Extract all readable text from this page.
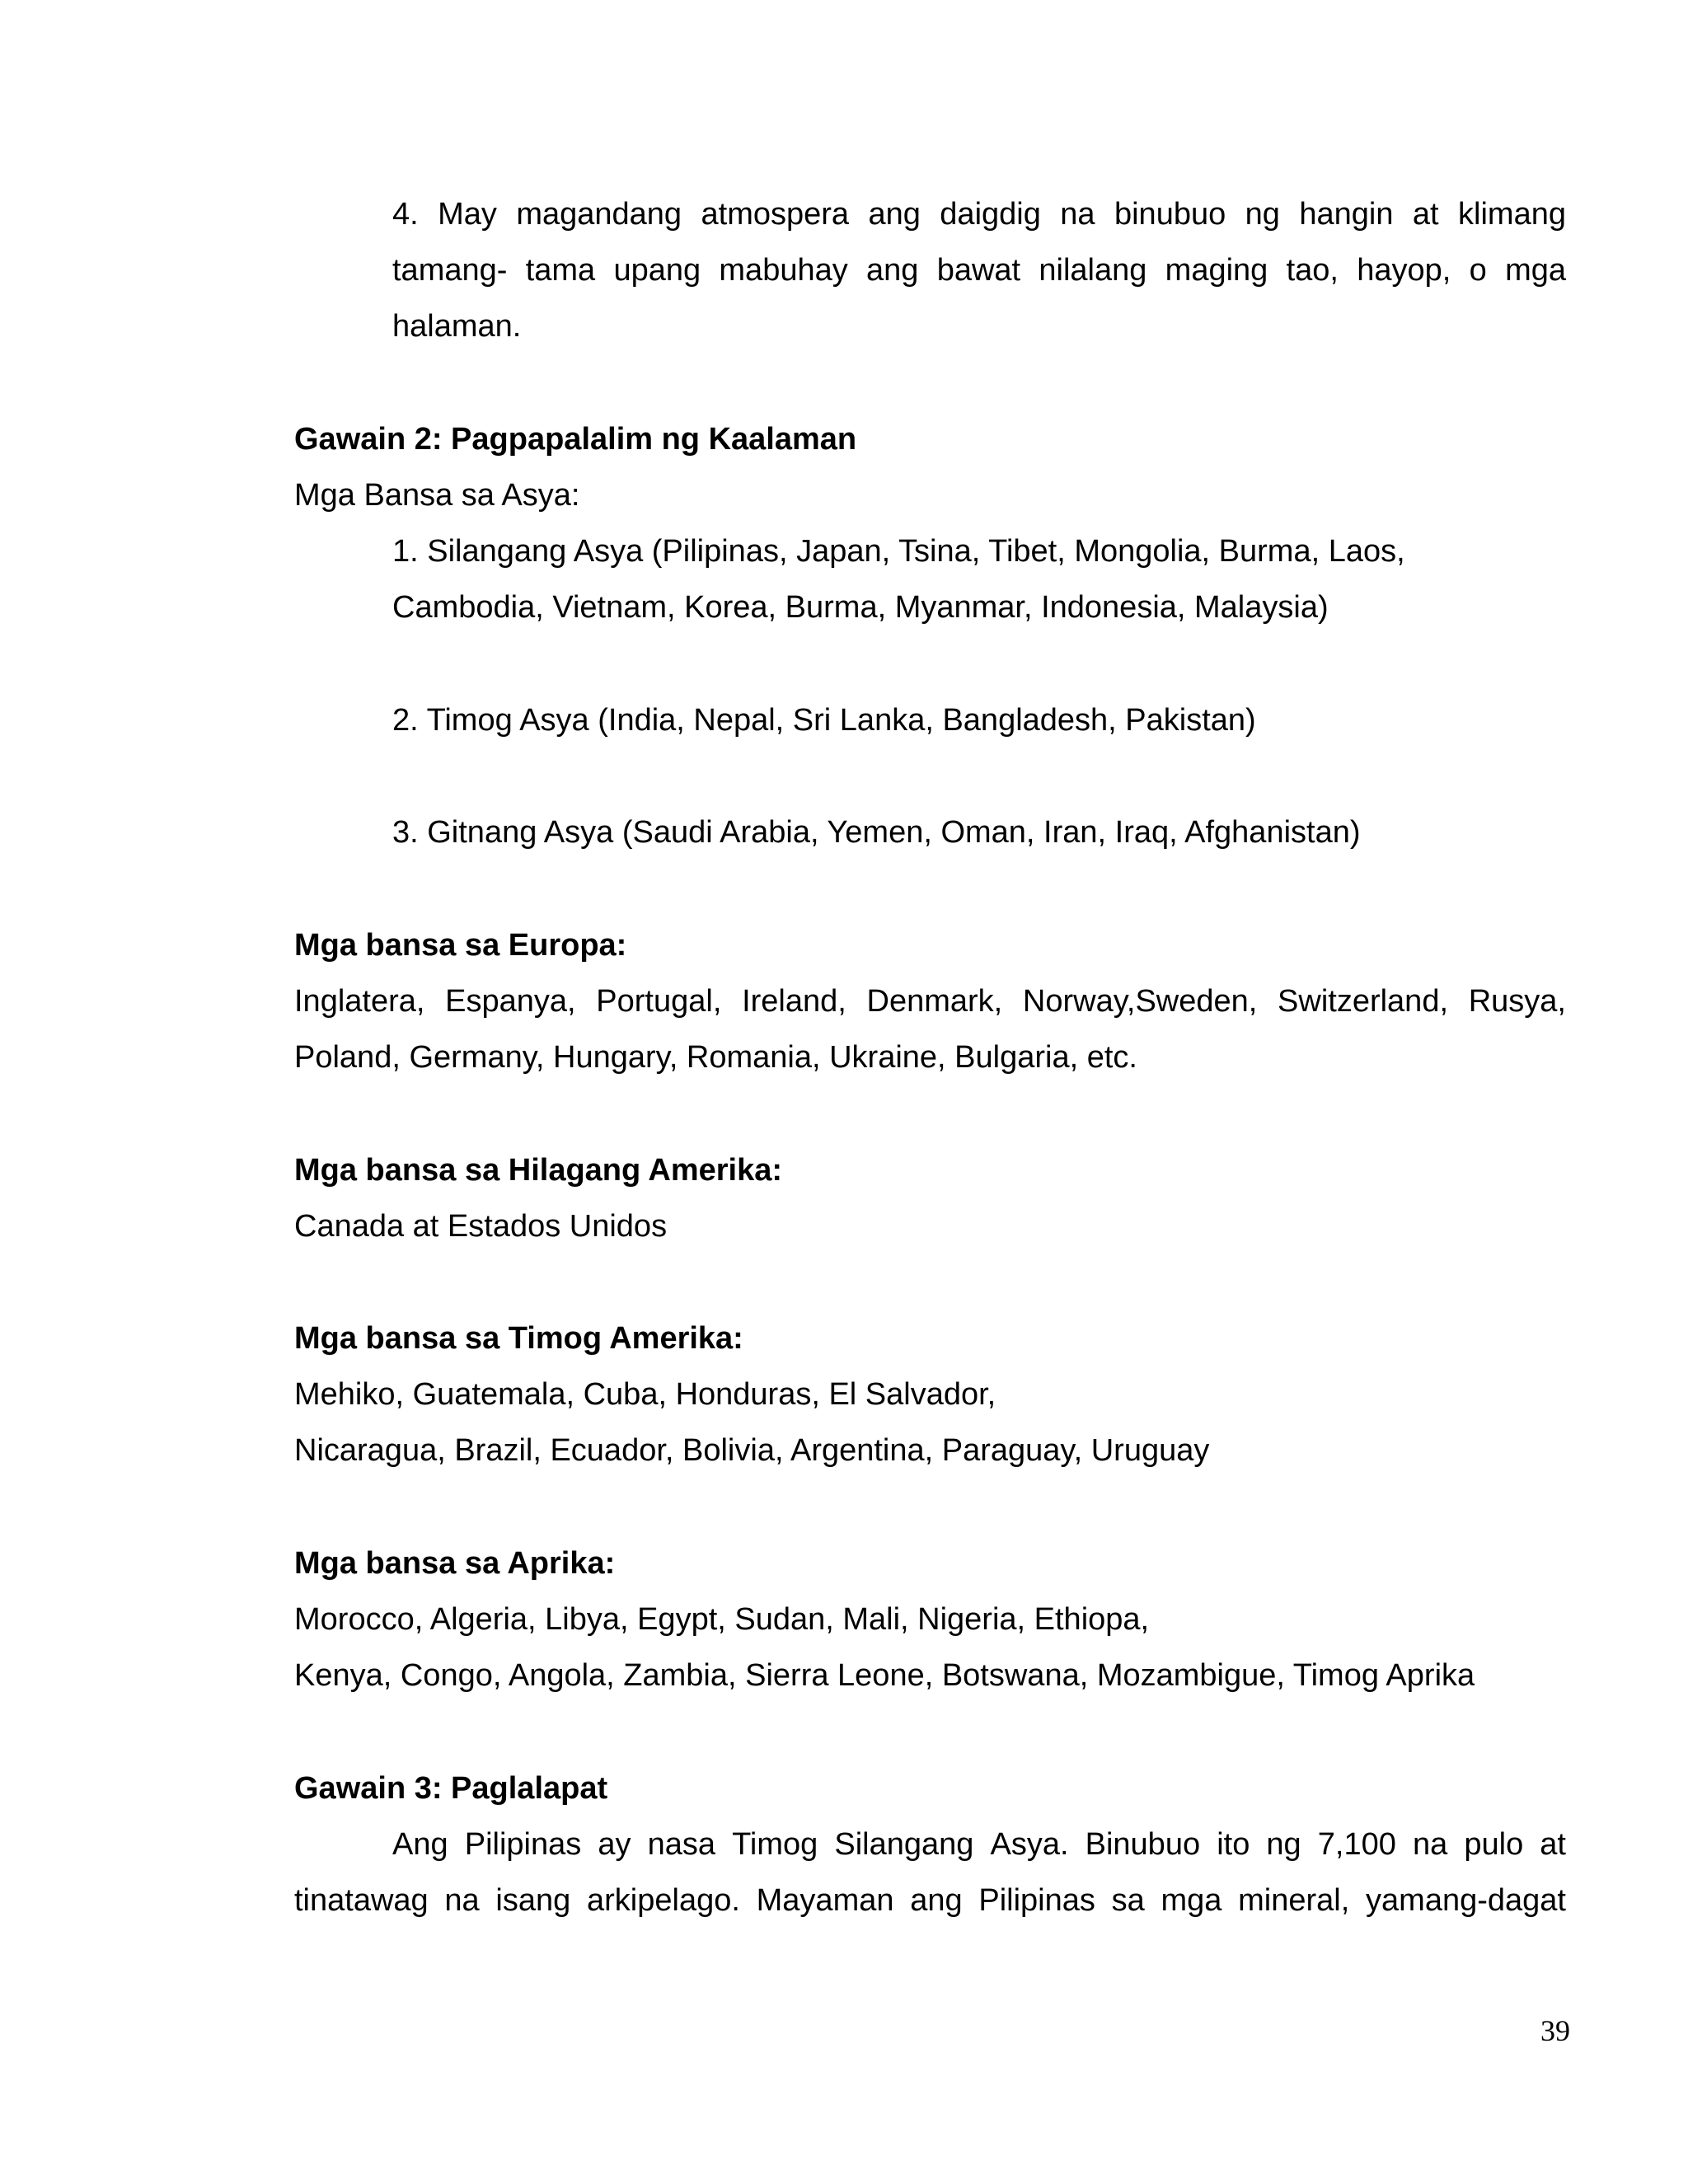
4. May magandang atmospera ang daigdig na binubuo ng hangin at klimang
tamang- tama upang mabuhay ang bawat nilalang maging tao, hayop, o mga

halaman.

Gawain 2: Pagpapalalim ng Kaalaman

Mga Bansa sa Asya:

1. Silangang Asya (Pilipinas, Japan, Tsina, Tibet, Mongolia, Burma, Laos,

Cambodia, Vietnam, Korea, Burma, Myanmar, Indonesia, Malaysia)

2. Timog Asya (India, Nepal, Sri Lanka, Bangladesh, Pakistan)

3. Gitnang Asya (Saudi Arabia, Yemen, Oman, Iran, Iraq, Afghanistan)

Mga bansa sa Europa:

Inglatera, Espanya, Portugal, Ireland, Denmark, Norway,Sweden, Switzerland, Rusya,

Poland, Germany, Hungary, Romania, Ukraine, Bulgaria, etc.

Mga bansa sa Hilagang Amerika:

Canada at Estados Unidos

Mga bansa sa Timog Amerika:

Mehiko, Guatemala, Cuba, Honduras, El Salvador,

Nicaragua, Brazil, Ecuador, Bolivia, Argentina, Paraguay, Uruguay

Mga bansa sa Aprika:

Morocco, Algeria, Libya, Egypt, Sudan, Mali, Nigeria, Ethiopa,

Kenya, Congo, Angola, Zambia, Sierra Leone, Botswana, Mozambigue, Timog Aprika

Gawain 3: Paglalapat

Ang Pilipinas ay nasa Timog Silangang Asya. Binubuo ito ng 7,100 na pulo at
tinatawag na isang arkipelago. Mayaman ang Pilipinas sa mga mineral, yamang-dagat
39
